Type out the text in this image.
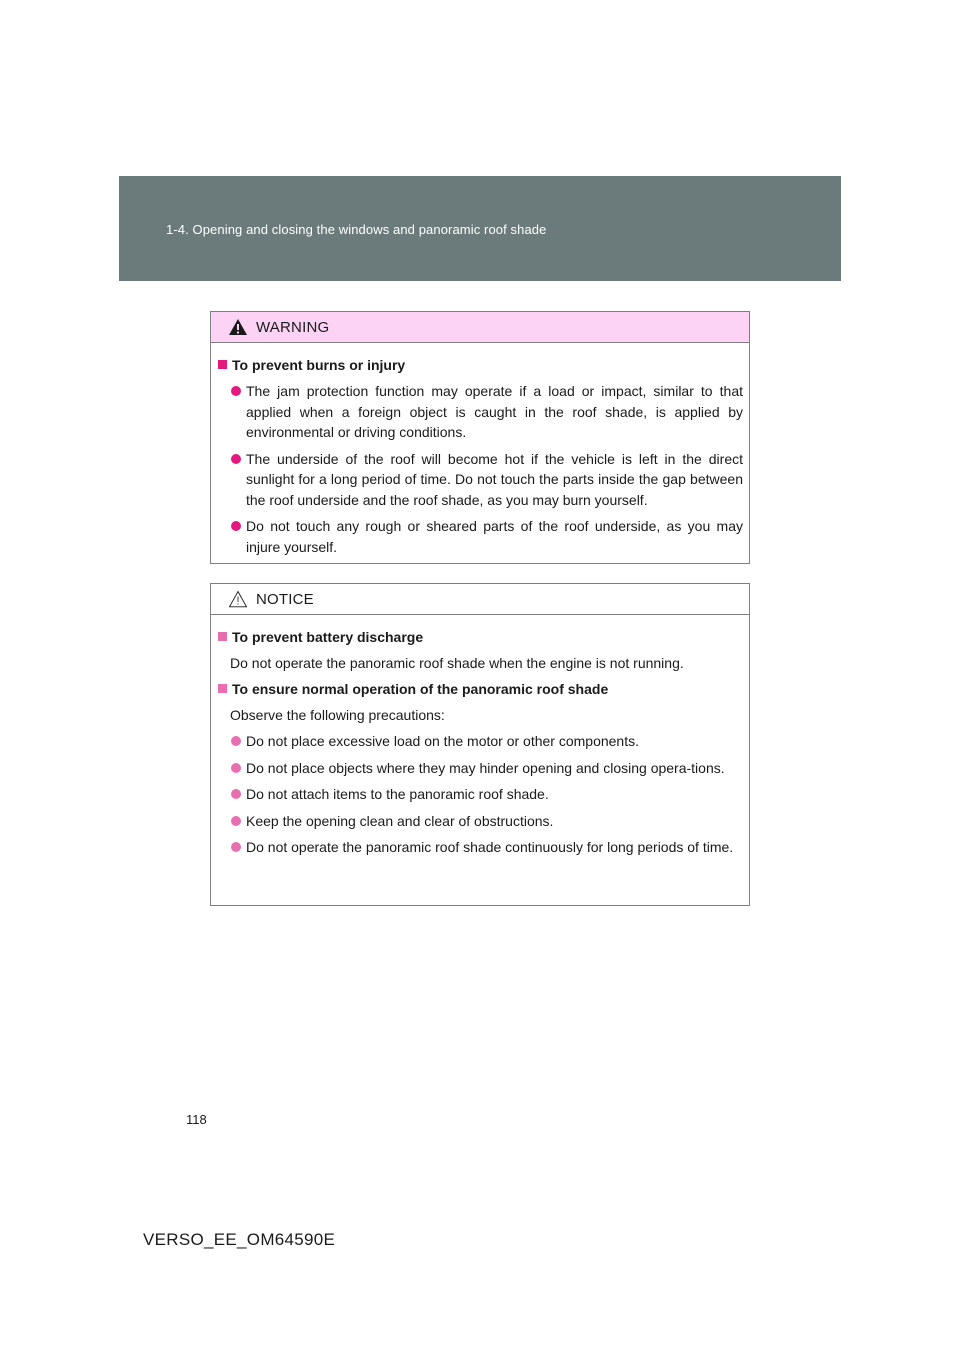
1-4. Opening and closing the windows and panoramic roof shade
WARNING
To prevent burns or injury
The jam protection function may operate if a load or impact, similar to that applied when a foreign object is caught in the roof shade, is applied by environmental or driving conditions.
The underside of the roof will become hot if the vehicle is left in the direct sunlight for a long period of time. Do not touch the parts inside the gap between the roof underside and the roof shade, as you may burn yourself.
Do not touch any rough or sheared parts of the roof underside, as you may injure yourself.
NOTICE
To prevent battery discharge
Do not operate the panoramic roof shade when the engine is not running.
To ensure normal operation of the panoramic roof shade
Observe the following precautions:
Do not place excessive load on the motor or other components.
Do not place objects where they may hinder opening and closing opera-tions.
Do not attach items to the panoramic roof shade.
Keep the opening clean and clear of obstructions.
Do not operate the panoramic roof shade continuously for long periods of time.
118
VERSO_EE_OM64590E
